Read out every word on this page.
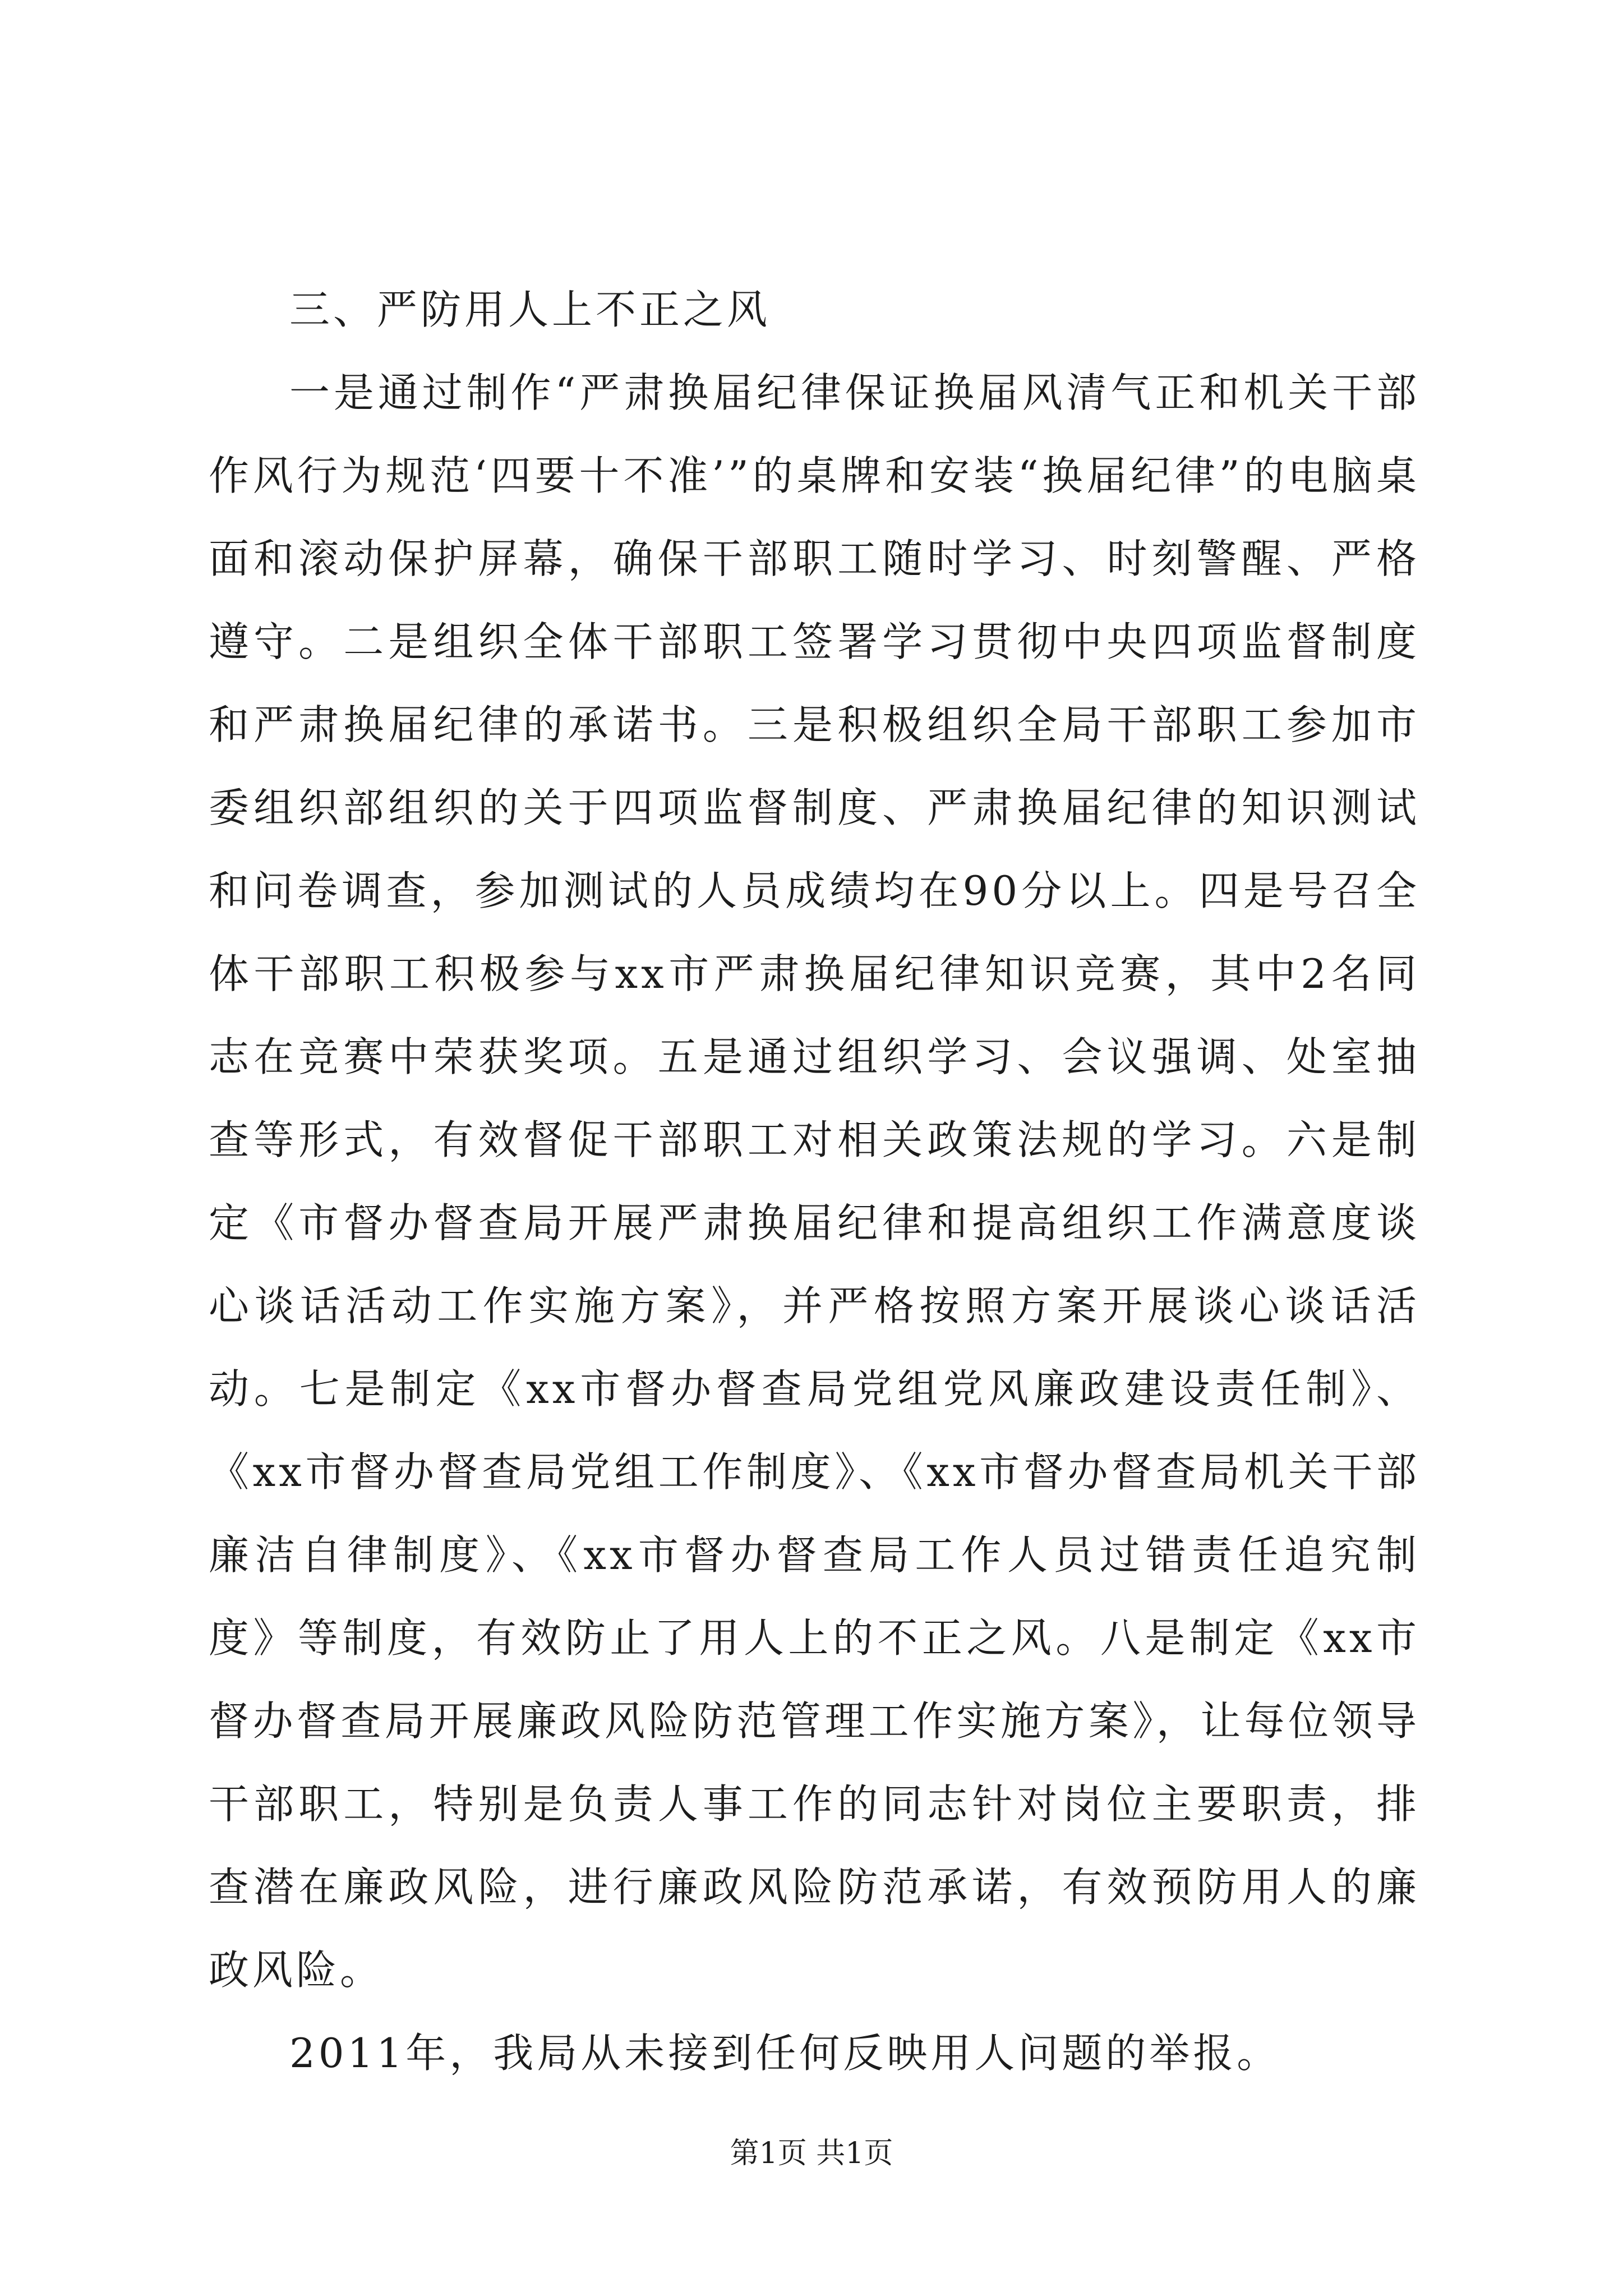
三、严防用人上不正之风

一是通过制作“严肃换届纪律保证换届风清气正和机关干部作风行为规范‘四要十不准’”的桌牌和安装“换届纪律”的电脑桌面和滚动保护屏幕，确保干部职工随时学习、时刻警醒、严格遵守。二是组织全体干部职工签署学习贯彻中央四项监督制度和严肃换届纪律的承诺书。三是积极组织全局干部职工参加市委组织部组织的关于四项监督制度、严肃换届纪律的知识测试和问卷调查，参加测试的人员成绩均在90分以上。四是号召全体干部职工积极参与xx市严肃换届纪律知识竞赛，其中2名同志在竞赛中荣获奖项。五是通过组织学习、会议强调、处室抽查等形式，有效督促干部职工对相关政策法规的学习。六是制定《市督办督查局开展严肃换届纪律和提高组织工作满意度谈心谈话活动工作实施方案》，并严格按照方案开展谈心谈话活动。七是制定《xx市督办督查局党组党风廉政建设责任制》、《xx市督办督查局党组工作制度》、《xx市督办督查局机关干部廉洁自律制度》、《xx市督办督查局工作人员过错责任追究制度》等制度，有效防止了用人上的不正之风。八是制定《xx市督办督查局开展廉政风险防范管理工作实施方案》，让每位领导干部职工，特别是负责人事工作的同志针对岗位主要职责，排查潜在廉政风险，进行廉政风险防范承诺，有效预防用人的廉政风险。

2011年，我局从未接到任何反映用人问题的举报。

第1页 共1页
